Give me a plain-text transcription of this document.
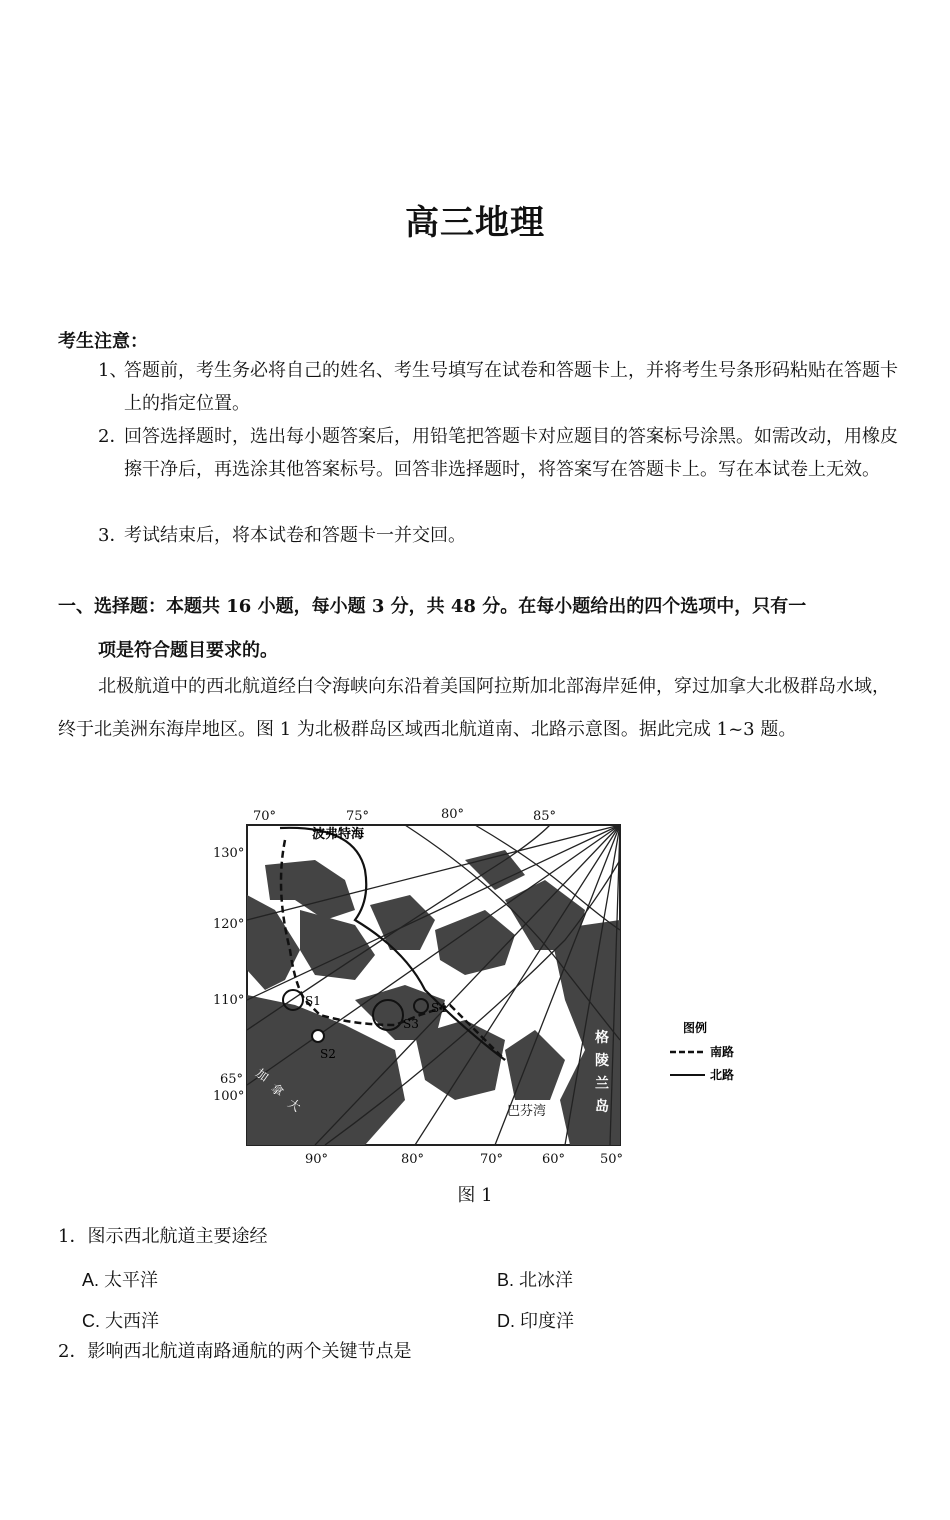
高三地理
考生注意：
1、
答题前，考生务必将自己的姓名、考生号填写在试卷和答题卡上，并将考生号条形码粘贴在答题卡上的指定位置。
2．
回答选择题时，选出每小题答案后，用铅笔把答题卡对应题目的答案标号涂黑。如需改动，用橡皮擦干净后，再选涂其他答案标号。回答非选择题时，将答案写在答题卡上。写在本试卷上无效。
3．
考试结束后，将本试卷和答题卡一并交回。
一、选择题：本题共 16 小题，每小题 3 分，共 48 分。在每小题给出的四个选项中，只有一
项是符合题目要求的。
北极航道中的西北航道经白令海峡向东沿着美国阿拉斯加北部海岸延伸，穿过加拿大北极群岛水域，终于北美洲东海岸地区。图 1 为北极群岛区域西北航道南、北路示意图。据此完成 1~3 题。
S1
S2
S3
S4
波弗特海
巴芬湾
格
陵
兰
岛
加
拿
大
70°	75°	80°	85°
130°
120°
110°
65°
100°
90°	80°	70°	60°	50°
图例
南路
北路
图 1
1．图示西北航道主要途经
A. 太平洋	B. 北冰洋
C. 大西洋	D. 印度洋
2．影响西北航道南路通航的两个关键节点是
